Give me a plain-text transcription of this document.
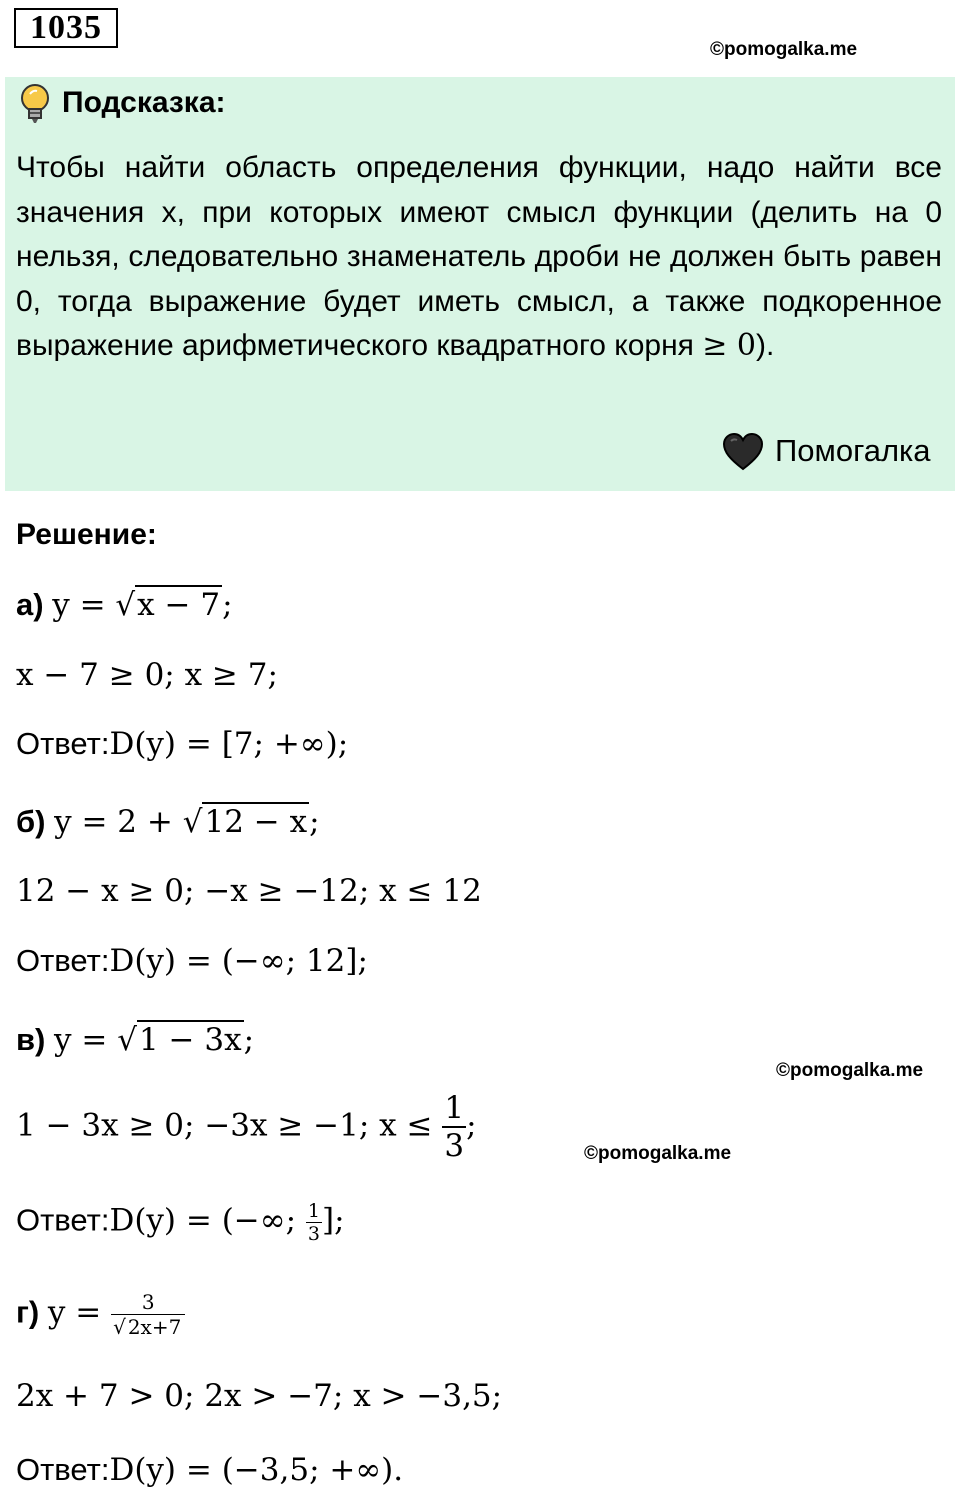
1035
©pomogalka.me
Подсказка:
Чтобы найти область определения функции, надо найти все значения x, при которых имеют смысл функции (делить на 0 нельзя, следовательно знаменатель дроби не должен быть равен 0, тогда выражение будет иметь смысл, а также подкоренное выражение арифметического квадратного корня ≥ 0).
Помогалка
Решение:
а) y = √x − 7;
x − 7 ≥ 0; x ≥ 7;
Ответ:D(y) = [7; +∞);
б) y = 2 + √12 − x;
12 − x ≥ 0; −x ≥ −12; x ≤ 12
Ответ:D(y) = (−∞; 12];
в) y = √1 − 3x;
©pomogalka.me
1 − 3x ≥ 0; −3x ≥ −1; $x \le \frac{1}{3}$ ;
©pomogalka.me
Ответ:D(y) = (−∞; $\frac{1}{3}$ ];
г) $y = \frac{3}{√ 2x+7}$
2x + 7 > 0; 2x > −7; x > −3,5;
Ответ:D(y) = (−3,5; +∞).
